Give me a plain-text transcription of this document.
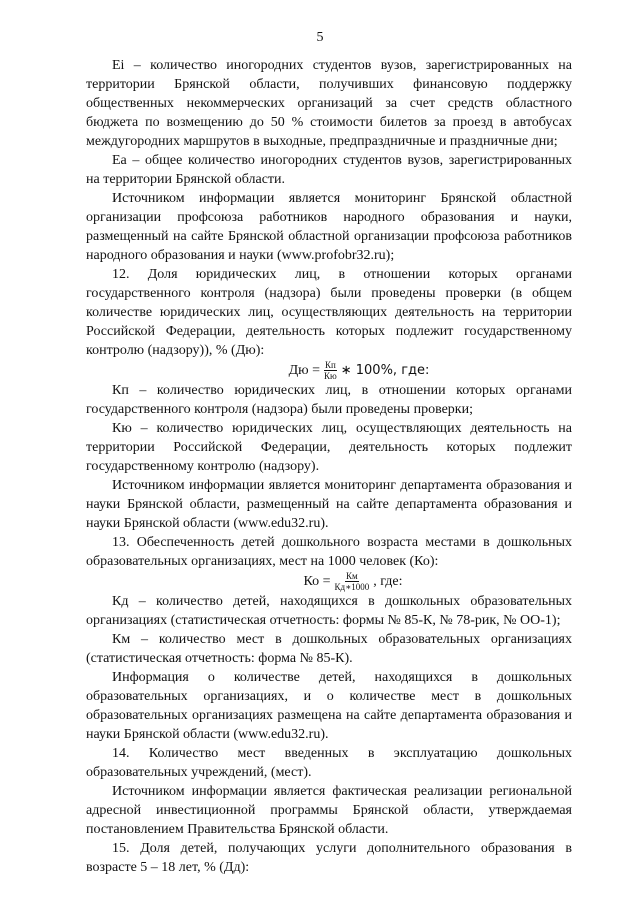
5

Ei – количество иногородних студентов вузов, зарегистрированных на территории Брянской области, получивших финансовую поддержку общественных некоммерческих организаций за счет средств областного бюджета по возмещению до 50 % стоимости билетов за проезд в автобусах междугородних маршрутов в выходные, предпраздничные и праздничные дни;

Еа – общее количество иногородних студентов вузов, зарегистрированных на территории Брянской области.

Источником информации является мониторинг Брянской областной организации профсоюза работников народного образования и науки, размещенный на сайте Брянской областной организации профсоюза работников народного образования и науки (www.profobr32.ru);

12. Доля юридических лиц, в отношении которых органами государственного контроля (надзора) были проведены проверки (в общем количестве юридических лиц, осуществляющих деятельность на территории Российской Федерации, деятельность которых подлежит государственному контролю (надзору)), % (Дю):

Дю = $\frac{Кп}{Кю}$ ∗ 100%, где:

Кп – количество юридических лиц, в отношении которых органами государственного контроля (надзора) были проведены проверки;

Кю – количество юридических лиц, осуществляющих деятельность на территории Российской Федерации, деятельность которых подлежит государственному контролю (надзору).

Источником информации является мониторинг департамента образования и науки Брянской области, размещенный на сайте департамента образования и науки Брянской области (www.edu32.ru).

13. Обеспеченность детей дошкольного возраста местами в дошкольных образовательных организациях, мест на 1000 человек (Ко):

Ко = $\frac{Км}{Кд∗1000}$ , где:

Кд – количество детей, находящихся в дошкольных образовательных организациях (статистическая отчетность: формы № 85-К, № 78-рик, № ОО-1);

Км – количество мест в дошкольных образовательных организациях (статистическая отчетность: форма № 85-К).

Информация о количестве детей, находящихся в дошкольных образовательных организациях, и о количестве мест в дошкольных образовательных организациях размещена на сайте департамента образования и науки Брянской области (www.edu32.ru).

14. Количество мест введенных в эксплуатацию дошкольных образовательных учреждений, (мест).

Источником информации является фактическая реализации региональной адресной инвестиционной программы Брянской области, утверждаемая постановлением Правительства Брянской области.

15. Доля детей, получающих услуги дополнительного образования в возрасте 5 – 18 лет, % (Дд):
